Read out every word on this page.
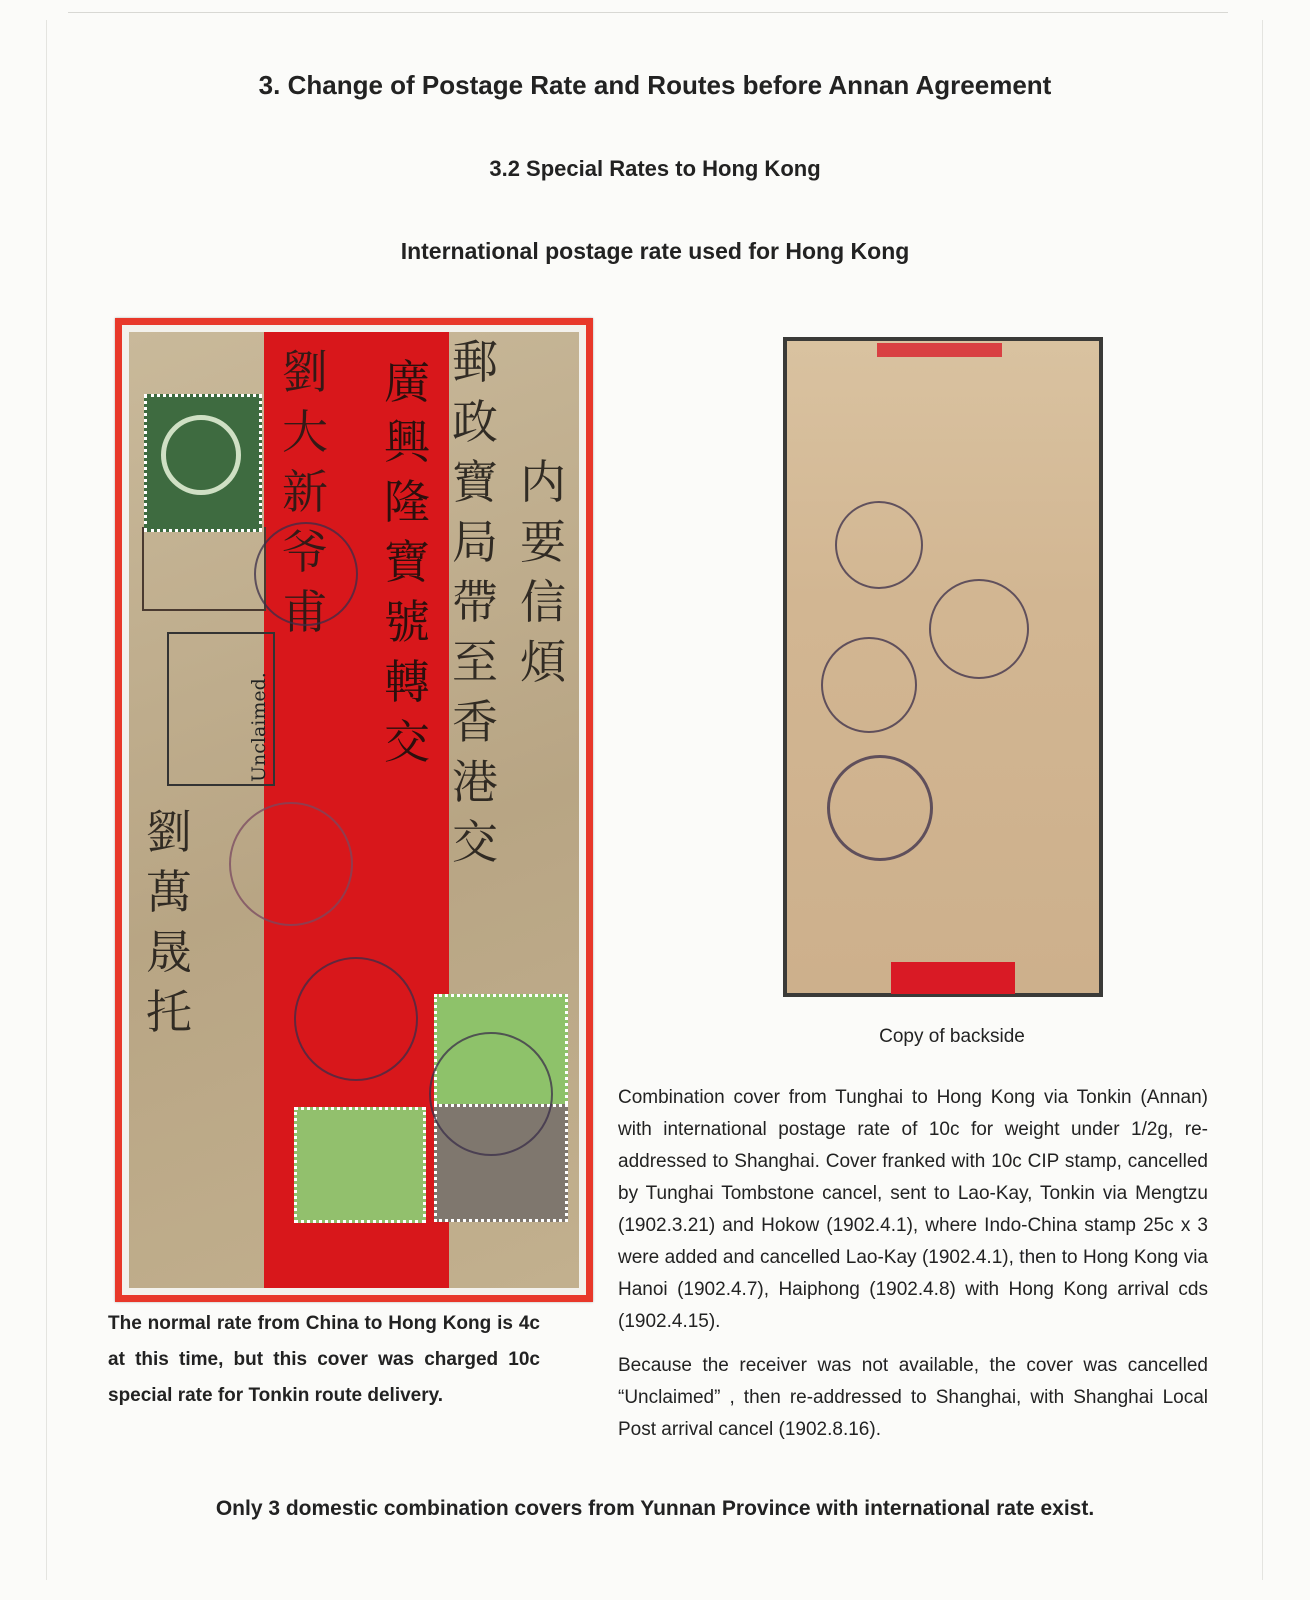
3. Change of Postage Rate and Routes before Annan Agreement
3.2 Special Rates to Hong Kong
International postage rate used for Hong Kong
Unclaimed.
劉大新爷甫
廣興隆寶號轉交
郵政寶局帶至香港交
内要信煩
劉萬晟托	Copy of backside
The normal rate from China to Hong Kong is 4c at this time, but this cover was charged 10c special rate for Tonkin route delivery.
Combination cover from Tunghai to Hong Kong via Tonkin (Annan) with international postage rate of 10c for weight under 1/2g, re-addressed to Shanghai. Cover franked with 10c CIP stamp, cancelled by Tunghai Tombstone cancel, sent to Lao-Kay, Tonkin via Mengtzu (1902.3.21) and Hokow (1902.4.1), where Indo-China stamp 25c x 3 were added and cancelled Lao-Kay (1902.4.1), then to Hong Kong via Hanoi (1902.4.7), Haiphong (1902.4.8) with Hong Kong arrival cds (1902.4.15).
Because the receiver was not available, the cover was cancelled “Unclaimed” , then re-addressed to Shanghai, with Shanghai Local Post arrival cancel (1902.8.16).
Only 3 domestic combination covers from Yunnan Province with international rate exist.
